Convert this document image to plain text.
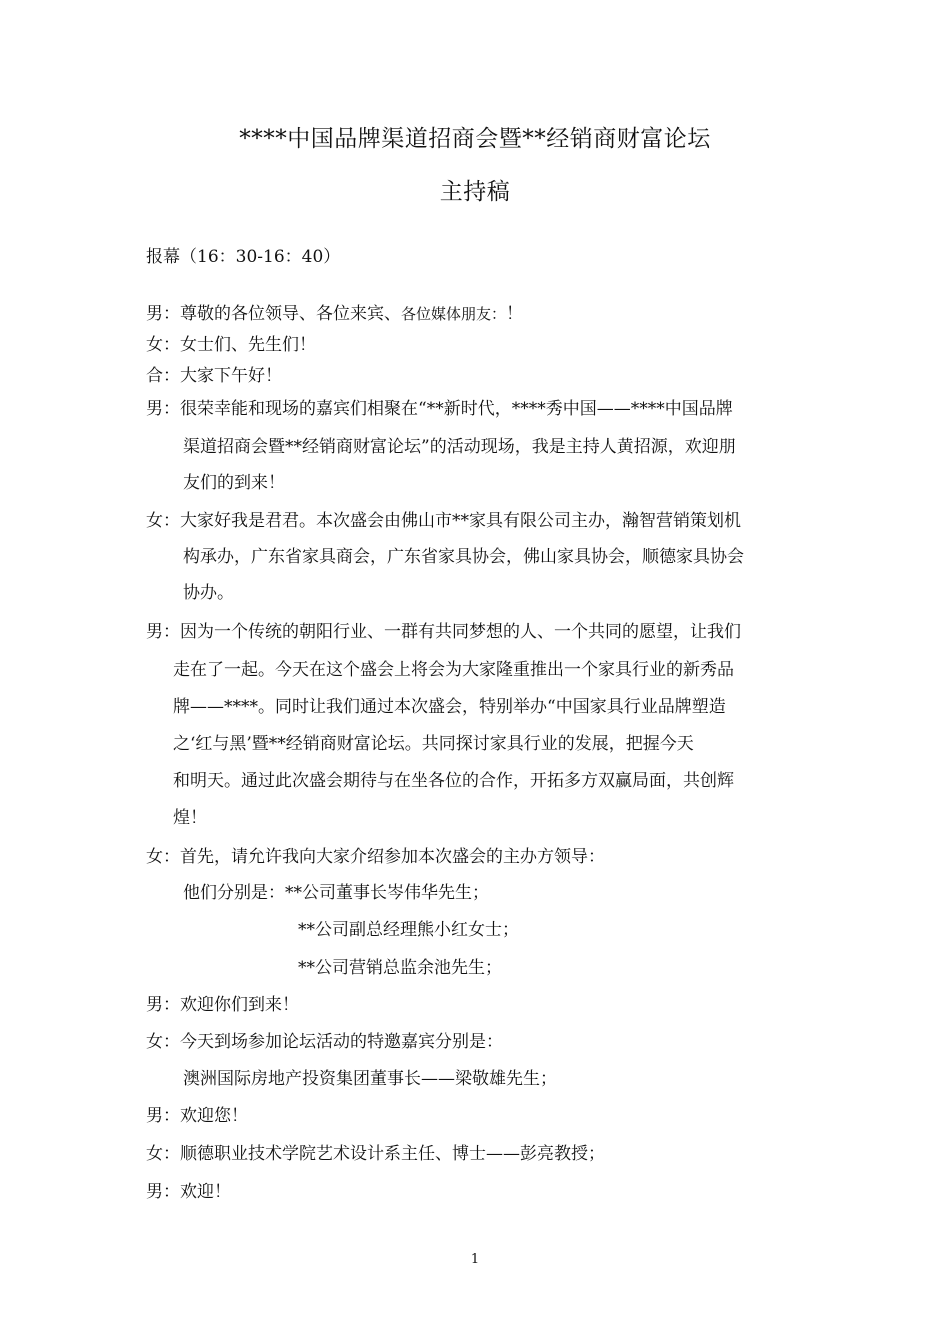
****中国品牌渠道招商会暨**经销商财富论坛
主持稿
报幕（16：30-16：40）
男：尊敬的各位领导、各位来宾、各位媒体朋友：！
女：女士们、先生们！
合：大家下午好！
男：很荣幸能和现场的嘉宾们相聚在“**新时代，****秀中国——****中国品牌
渠道招商会暨**经销商财富论坛”的活动现场，我是主持人黄招源，欢迎朋
友们的到来！
女：大家好我是君君。本次盛会由佛山市**家具有限公司主办，瀚智营销策划机
构承办，广东省家具商会，广东省家具协会，佛山家具协会，顺德家具协会
协办。
男：因为一个传统的朝阳行业、一群有共同梦想的人、一个共同的愿望，让我们
走在了一起。今天在这个盛会上将会为大家隆重推出一个家具行业的新秀品
牌——****。同时让我们通过本次盛会，特别举办“中国家具行业品牌塑造
之‘红与黑’暨**经销商财富论坛。共同探讨家具行业的发展，把握今天
和明天。通过此次盛会期待与在坐各位的合作，开拓多方双赢局面，共创辉
煌！
女：首先，请允许我向大家介绍参加本次盛会的主办方领导：
他们分别是：**公司董事长岑伟华先生；
**公司副总经理熊小红女士；
**公司营销总监余池先生；
男：欢迎你们到来！
女：今天到场参加论坛活动的特邀嘉宾分别是：
澳洲国际房地产投资集团董事长——梁敬雄先生；
男：欢迎您！
女：顺德职业技术学院艺术设计系主任、博士——彭亮教授；
男：欢迎！
1
